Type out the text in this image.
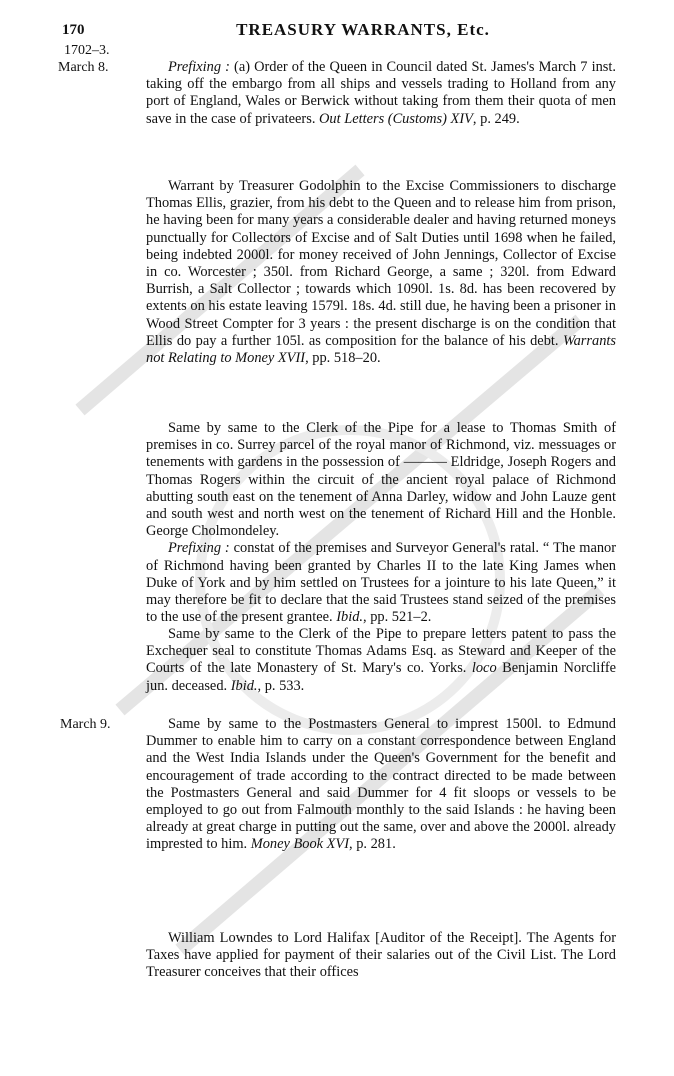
170	TREASURY WARRANTS, Etc.
1702–3.
March 8.
March 9.

Prefixing : (a) Order of the Queen in Council dated St. James's March 7 inst. taking off the embargo from all ships and vessels trading to Holland from any port of England, Wales or Berwick without taking from them their quota of men save in the case of privateers. Out Letters (Customs) XIV, p. 249.

Warrant by Treasurer Godolphin to the Excise Commissioners to discharge Thomas Ellis, grazier, from his debt to the Queen and to release him from prison, he having been for many years a considerable dealer and having returned moneys punctually for Collectors of Excise and of Salt Duties until 1698 when he failed, being indebted 2000l. for money received of John Jennings, Collector of Excise in co. Worcester ; 350l. from Richard George, a same ; 320l. from Edward Burrish, a Salt Collector ; towards which 1090l. 1s. 8d. has been recovered by extents on his estate leaving 1579l. 18s. 4d. still due, he having been a prisoner in Wood Street Compter for 3 years : the present discharge is on the condition that Ellis do pay a further 105l. as composition for the balance of his debt. Warrants not Relating to Money XVII, pp. 518–20.

Same by same to the Clerk of the Pipe for a lease to Thomas Smith of premises in co. Surrey parcel of the royal manor of Richmond, viz. messuages or tenements with gardens in the possession of ——— Eldridge, Joseph Rogers and Thomas Rogers within the circuit of the ancient royal palace of Richmond abutting south east on the tenement of Anna Darley, widow and John Lauze gent and south west and north west on the tenement of Richard Hill and the Honble. George Cholmondeley.

Prefixing : constat of the premises and Surveyor General's ratal. “ The manor of Richmond having been granted by Charles II to the late King James when Duke of York and by him settled on Trustees for a jointure to his late Queen,” it may therefore be fit to declare that the said Trustees stand seized of the premises to the use of the present grantee. Ibid., pp. 521–2.

Same by same to the Clerk of the Pipe to prepare letters patent to pass the Exchequer seal to constitute Thomas Adams Esq. as Steward and Keeper of the Courts of the late Monastery of St. Mary's co. Yorks. loco Benjamin Norcliffe jun. deceased. Ibid., p. 533.

Same by same to the Postmasters General to imprest 1500l. to Edmund Dummer to enable him to carry on a constant correspondence between England and the West India Islands under the Queen's Government for the benefit and encouragement of trade according to the contract directed to be made between the Postmasters General and said Dummer for 4 fit sloops or vessels to be employed to go out from Falmouth monthly to the said Islands : he having been already at great charge in putting out the same, over and above the 2000l. already imprested to him. Money Book XVI, p. 281.

William Lowndes to Lord Halifax [Auditor of the Receipt]. The Agents for Taxes have applied for payment of their salaries out of the Civil List. The Lord Treasurer conceives that their offices
